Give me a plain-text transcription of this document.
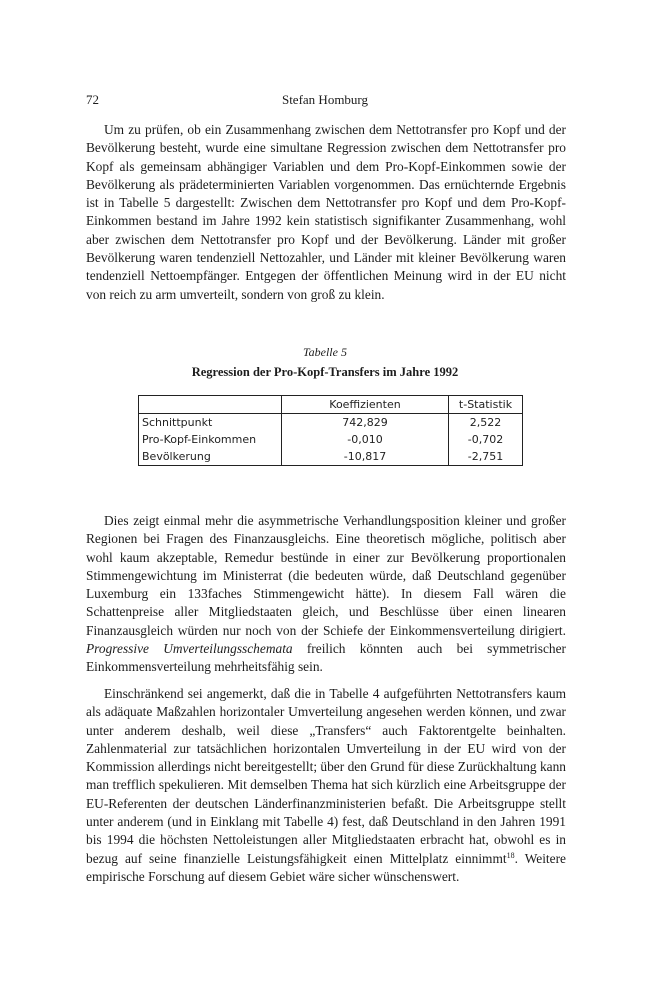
72	Stefan Homburg

Um zu prüfen, ob ein Zusammenhang zwischen dem Nettotransfer pro Kopf und der Bevölkerung besteht, wurde eine simultane Regression zwischen dem Nettotransfer pro Kopf als gemeinsam abhängiger Variablen und dem Pro-Kopf-Einkommen sowie der Bevölkerung als prädeterminierten Variablen vorgenommen. Das ernüchternde Ergebnis ist in Tabelle 5 dargestellt: Zwischen dem Nettotransfer pro Kopf und dem Pro-Kopf-Einkommen bestand im Jahre 1992 kein statistisch signifikanter Zusammenhang, wohl aber zwischen dem Nettotransfer pro Kopf und der Bevölkerung. Länder mit großer Bevölkerung waren tendenziell Nettozahler, und Länder mit kleiner Bevölkerung waren tendenziell Nettoempfänger. Entgegen der öffentlichen Meinung wird in der EU nicht von reich zu arm umverteilt, sondern von groß zu klein.

Tabelle 5
Regression der Pro-Kopf-Transfers im Jahre 1992
	Koeffizienten	t-Statistik
Schnittpunkt	742,829	2,522
Pro-Kopf-Einkommen	-0,010	-0,702
Bevölkerung	-10,817	-2,751

Dies zeigt einmal mehr die asymmetrische Verhandlungsposition kleiner und großer Regionen bei Fragen des Finanzausgleichs. Eine theoretisch mögliche, politisch aber wohl kaum akzeptable, Remedur bestünde in einer zur Bevölkerung proportionalen Stimmengewichtung im Ministerrat (die bedeuten würde, daß Deutschland gegenüber Luxemburg ein 133faches Stimmengewicht hätte). In diesem Fall wären die Schattenpreise aller Mitgliedstaaten gleich, und Beschlüsse über einen linearen Finanzausgleich würden nur noch von der Schiefe der Einkommensverteilung dirigiert. Progressive Umverteilungsschemata freilich könnten auch bei symmetrischer Einkommensverteilung mehrheitsfähig sein.

Einschränkend sei angemerkt, daß die in Tabelle 4 aufgeführten Nettotransfers kaum als adäquate Maßzahlen horizontaler Umverteilung angesehen werden können, und zwar unter anderem deshalb, weil diese „Transfers“ auch Faktorentgelte beinhalten. Zahlenmaterial zur tatsächlichen horizontalen Umverteilung in der EU wird von der Kommission allerdings nicht bereitgestellt; über den Grund für diese Zurückhaltung kann man trefflich spekulieren. Mit demselben Thema hat sich kürzlich eine Arbeitsgruppe der EU-Referenten der deutschen Länderfinanzministerien befaßt. Die Arbeitsgruppe stellt unter anderem (und in Einklang mit Tabelle 4) fest, daß Deutschland in den Jahren 1991 bis 1994 die höchsten Nettoleistungen aller Mitgliedstaaten erbracht hat, obwohl es in bezug auf seine finanzielle Leistungsfähigkeit einen Mittelplatz einnimmt$^{18}$. Weitere empirische Forschung auf diesem Gebiet wäre sicher wünschenswert.
